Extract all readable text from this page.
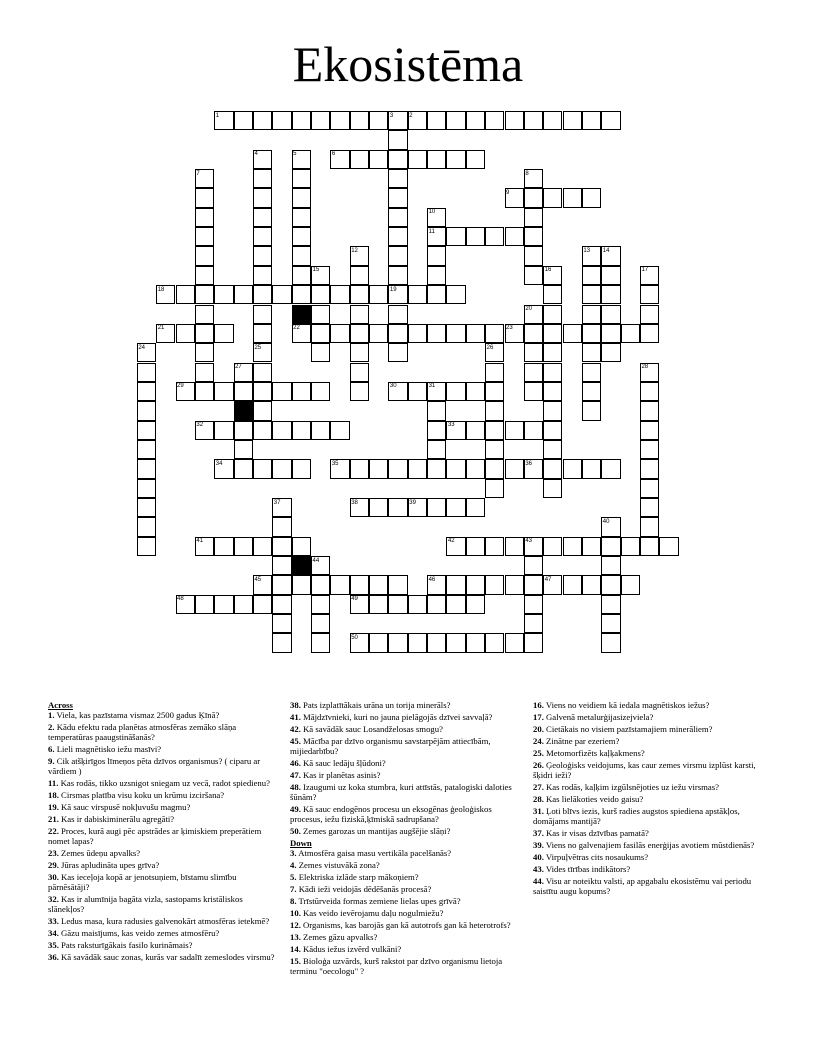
Ekosistēma
1	2
3
4	5	6
7	8
9
10
11
12	13 14
15	16	17
18	19
20
21	22	23
24	25	26
27	28
29	30	31
32	33
34	35	36
37	38	39
40
41	42	43
44
45	46	47
48	49
50

Across

1. Viela, kas pazīstama vismaz 2500 gadus Ķīnā?

2. Kādu efektu rada planētas atmosfēras zemāko slāņa temperatūras paaugstināšanās?

6. Lieli magnētisko iežu masīvi?

9. Cik atšķirīgos līmeņos pēta dzīvos organismus? ( ciparu ar vārdiem )

11. Kas rodās, tikko uzsnigot sniegam uz vecā, radot spiedienu?

18. Cirsmas platība visu koku un krūmu izciršana?

19. Kā sauc virspusē nokļuvušu magmu?

21. Kas ir dabiskiminerālu agregāti?

22. Proces, kurā augi pēc apstrādes ar ķimiskiem preperātiem nomet lapas?

23. Zemes ūdeņu apvalks?

29. Jūras apludināta upes grīva?

30. Kas ieceļoja kopā ar jenotsuņiem, bīstamu slimību pārnēsātāji?

32. Kas ir alumīnija bagāta vizla, sastopams kristāliskos slānekļos?

33. Ledus masa, kura radusies galvenokārt atmosfēras ietekmē?

34. Gāzu maisījums, kas veido zemes atmosfēru?

35. Pats raksturīgākais fasilo kurināmais?

36. Kā savādāk sauc zonas, kurās var sadalīt zemeslodes virsmu?

38. Pats izplatītākais urāna un torija minerāls?

41. Mājdzīvnieki, kuri no jauna pielāgojās dzīvei savvaļā?

42. Kā savādāk sauc Losandželosas smogu?

45. Mācība par dzīvo organismu savstarpējām attiecībām, mijiedarbību?

46. Kā sauc ledāju šļūdoni?

47. Kas ir planētas asinis?

48. Izaugumi uz koka stumbra, kuri attīstās, patalogiski daloties šūnām?

49. Kā sauc endogēnos procesu un eksogēnas ģeoloģiskos procesus, iežu fiziskā,ķīmiskā sadrupšana?

50. Zemes garozas un mantijas augšējie slāņi?

Down

3. Atmosfēra gaisa masu vertikāla pacelšanās?

4. Zemes vistuvākā zona?

5. Elektriska izlāde starp mākoņiem?

7. Kādi ieži veidojās dēdēšanās procesā?

8. Trīstūrveida formas zemiene lielas upes grīvā?

10. Kas veido ievērojamu daļu nogulmiežu?

12. Organisms, kas barojās gan kā autotrofs gan kā heterotrofs?

13. Zemes gāzu apvalks?

14. Kādus iežus izvērd vulkāni?

15. Bioloģa uzvārds, kurš rakstot par dzīvo organismu lietoja terminu "oecologu" ?

16. Viens no veidiem kā iedala magnētiskos iežus?

17. Galvenā metalurģijasizejviela?

20. Cietākais no visiem pazīstamajiem minerāliem?

24. Zinātne par ezeriem?

25. Metomorfizēts kaļķakmens?

26. Ģeoloģisks veidojums, kas caur zemes virsmu izplūst karsti, šķidri ieži?

27. Kas rodās, kaļķim izgūlsnējoties uz iežu virsmas?

28. Kas lielākoties veido gaisu?

31. Ļoti blīvs iezis, kurš radies augstos spiediena apstākļos, domājams mantijā?

37. Kas ir visas dzīvības pamatā?

39. Viens no galvenajiem fasilās enerģijas avotiem mūstdienās?

40. Virpuļvētras cits nosaukums?

43. Vides tīrības indikātors?

44. Visu ar noteiktu valsti, ap apgabalu ekosistēmu vai periodu saistītu augu kopums?
